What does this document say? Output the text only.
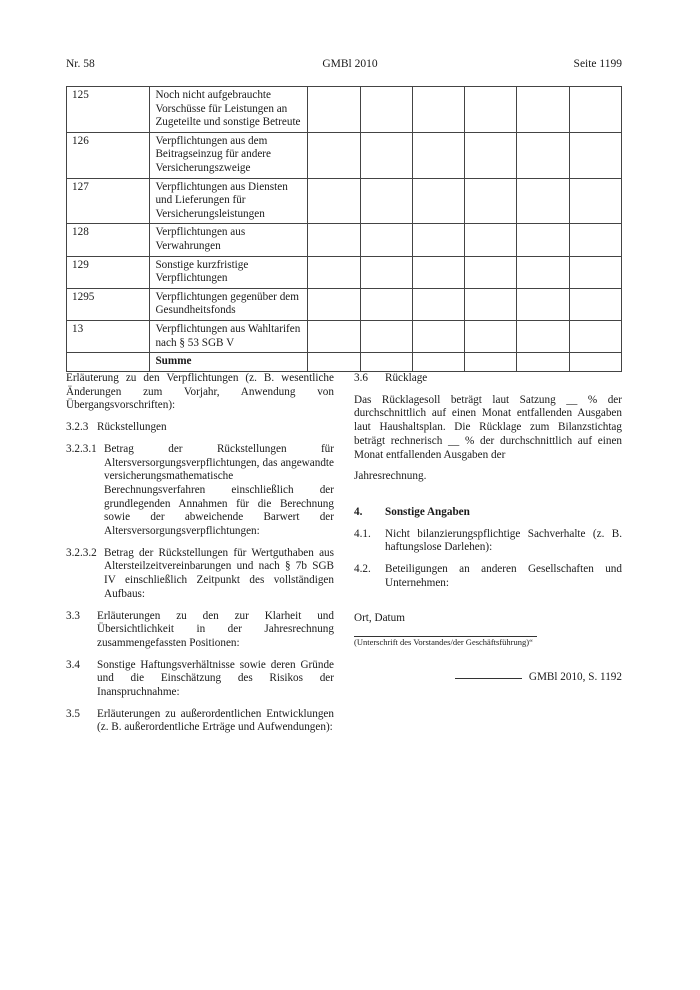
Nr. 58	GMBl 2010	Seite 1199
125	Noch nicht aufgebrauchte Vorschüsse für Leistungen an Zugeteilte und sonstige Betreute						
126	Verpflichtungen aus dem Beitragseinzug für andere Versicherungszweige						
127	Verpflichtungen aus Diensten und Lieferungen für Versicherungsleistungen						
128	Verpflichtungen aus Verwahrungen						
129	Sonstige kurzfristige Verpflichtungen						
1295	Verpflichtungen gegenüber dem Gesundheitsfonds						
13	Verpflichtungen aus Wahltarifen nach § 53 SGB V						
	Summe						
Erläuterung zu den Verpflichtungen (z. B. wesentliche Änderungen zum Vorjahr, Anwendung von Übergangsvorschriften):
3.2.3 Rückstellungen
3.2.3.1 Betrag der Rückstellungen für Altersversorgungsverpflichtungen, das angewandte versicherungsmathematische Berechnungsverfahren einschließlich der grundlegenden Annahmen für die Berechnung sowie der abweichende Barwert der Altersversorgungsverpflichtungen:
3.2.3.2 Betrag der Rückstellungen für Wertguthaben aus Altersteilzeitvereinbarungen und nach § 7b SGB IV einschließlich Zeitpunkt des vollständigen Aufbaus:
3.3	Erläuterungen zu den zur Klarheit und Übersichtlichkeit in der Jahresrechnung zusammengefassten Positionen:
3.4	Sonstige Haftungsverhältnisse sowie deren Gründe und die Einschätzung des Risikos der Inanspruchnahme:
3.5	Erläuterungen zu außerordentlichen Entwicklungen (z. B. außerordentliche Erträge und Aufwendungen):
3.6	Rücklage
Das Rücklagesoll beträgt laut Satzung __ % der durchschnittlich auf einen Monat entfallenden Ausgaben laut Haushaltsplan. Die Rücklage zum Bilanzstichtag beträgt rechnerisch __ % der durchschnittlich auf einen Monat entfallenden Ausgaben der
Jahresrechnung.
4.	Sonstige Angaben
4.1.	Nicht bilanzierungspflichtige Sachverhalte (z. B. haftungslose Darlehen):
4.2.	Beteiligungen an anderen Gesellschaften und Unternehmen:
Ort, Datum
(Unterschrift des Vorstandes/der Geschäftsführung)“
GMBl 2010, S. 1192
